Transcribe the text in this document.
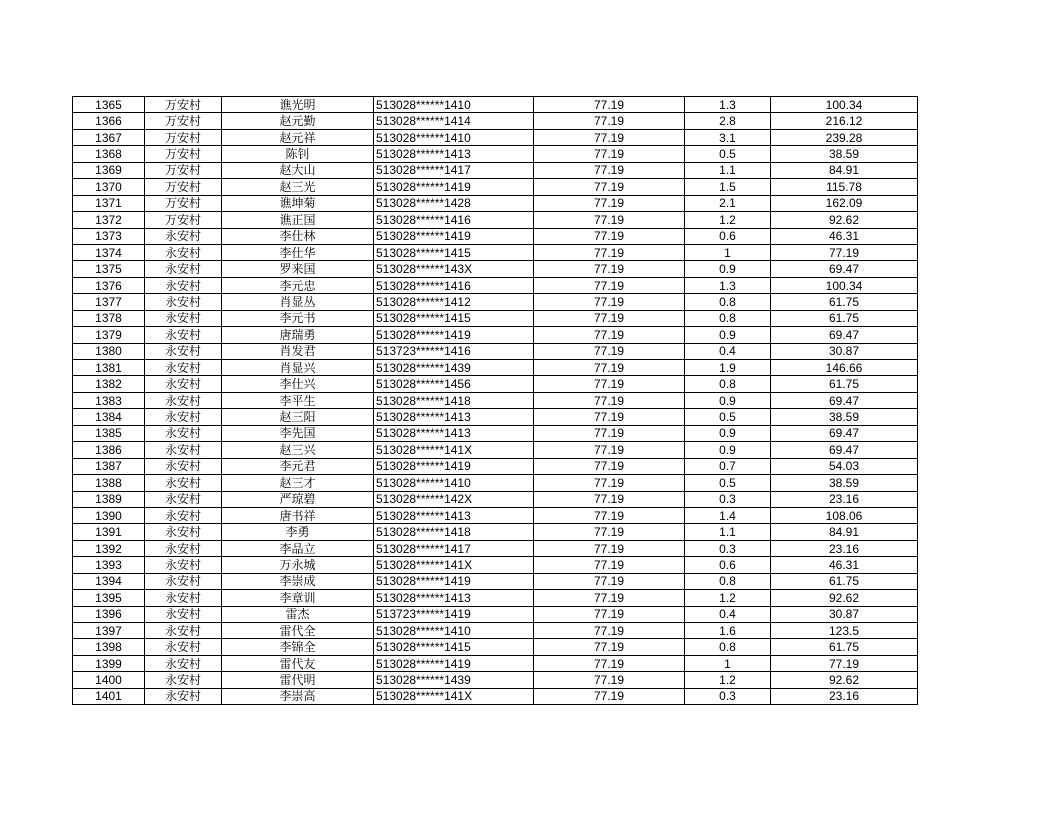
1365	万安村	谯光明	513028******1410	77.19	1.3	100.34
1366	万安村	赵元勤	513028******1414	77.19	2.8	216.12
1367	万安村	赵元祥	513028******1410	77.19	3.1	239.28
1368	万安村	陈钊	513028******1413	77.19	0.5	38.59
1369	万安村	赵大山	513028******1417	77.19	1.1	84.91
1370	万安村	赵三光	513028******1419	77.19	1.5	115.78
1371	万安村	谯坤菊	513028******1428	77.19	2.1	162.09
1372	万安村	谯正国	513028******1416	77.19	1.2	92.62
1373	永安村	李仕林	513028******1419	77.19	0.6	46.31
1374	永安村	李仕华	513028******1415	77.19	1	77.19
1375	永安村	罗来国	513028******143X	77.19	0.9	69.47
1376	永安村	李元忠	513028******1416	77.19	1.3	100.34
1377	永安村	肖显丛	513028******1412	77.19	0.8	61.75
1378	永安村	李元书	513028******1415	77.19	0.8	61.75
1379	永安村	唐瑞勇	513028******1419	77.19	0.9	69.47
1380	永安村	肖发君	513723******1416	77.19	0.4	30.87
1381	永安村	肖显兴	513028******1439	77.19	1.9	146.66
1382	永安村	李仕兴	513028******1456	77.19	0.8	61.75
1383	永安村	李平生	513028******1418	77.19	0.9	69.47
1384	永安村	赵三阳	513028******1413	77.19	0.5	38.59
1385	永安村	李先国	513028******1413	77.19	0.9	69.47
1386	永安村	赵三兴	513028******141X	77.19	0.9	69.47
1387	永安村	李元君	513028******1419	77.19	0.7	54.03
1388	永安村	赵三才	513028******1410	77.19	0.5	38.59
1389	永安村	严琼碧	513028******142X	77.19	0.3	23.16
1390	永安村	唐书祥	513028******1413	77.19	1.4	108.06
1391	永安村	李勇	513028******1418	77.19	1.1	84.91
1392	永安村	李品立	513028******1417	77.19	0.3	23.16
1393	永安村	万永城	513028******141X	77.19	0.6	46.31
1394	永安村	李崇成	513028******1419	77.19	0.8	61.75
1395	永安村	李章训	513028******1413	77.19	1.2	92.62
1396	永安村	雷杰	513723******1419	77.19	0.4	30.87
1397	永安村	雷代全	513028******1410	77.19	1.6	123.5
1398	永安村	李锦全	513028******1415	77.19	0.8	61.75
1399	永安村	雷代友	513028******1419	77.19	1	77.19
1400	永安村	雷代明	513028******1439	77.19	1.2	92.62
1401	永安村	李崇高	513028******141X	77.19	0.3	23.16
